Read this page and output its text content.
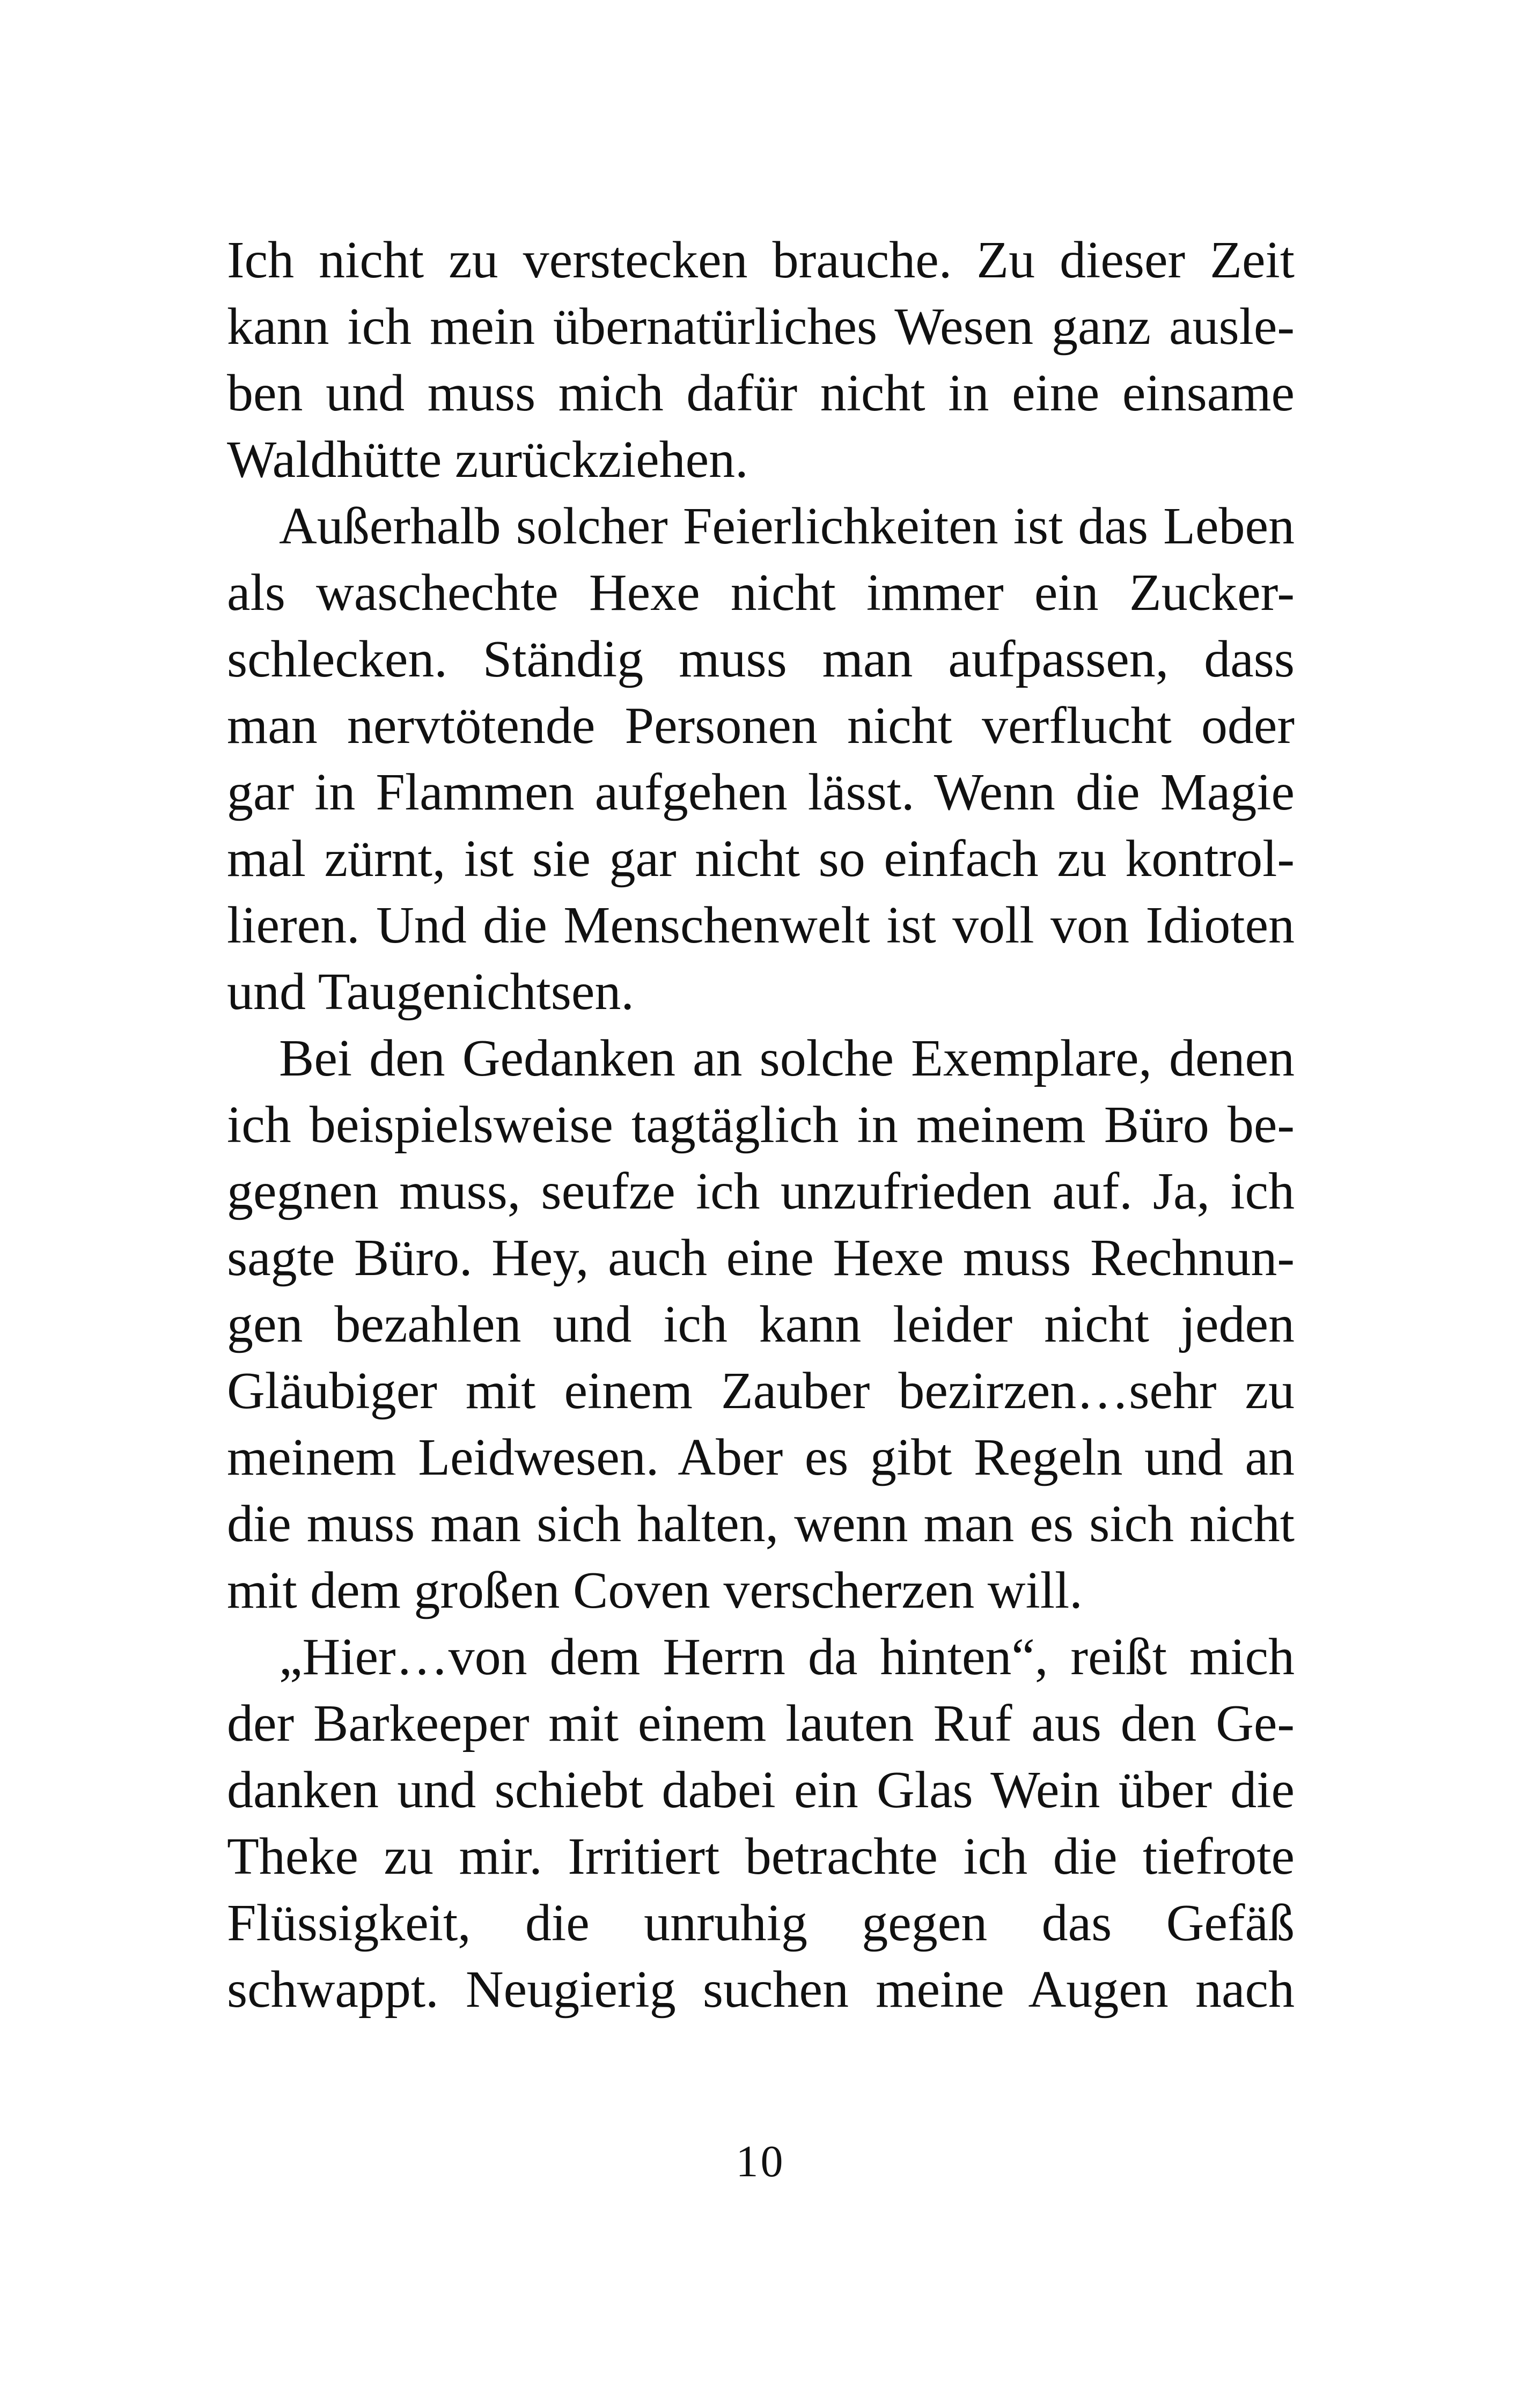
Ich nicht zu verstecken brauche. Zu dieser Zeit
kann ich mein übernatürliches Wesen ganz ausle-
ben und muss mich dafür nicht in eine einsame
Waldhütte zurückziehen.
Außerhalb solcher Feierlichkeiten ist das Leben
als waschechte Hexe nicht immer ein Zucker-
schlecken. Ständig muss man aufpassen, dass
man nervtötende Personen nicht verflucht oder
gar in Flammen aufgehen lässt. Wenn die Magie
mal zürnt, ist sie gar nicht so einfach zu kontrol-
lieren. Und die Menschenwelt ist voll von Idioten
und Taugenichtsen.
Bei den Gedanken an solche Exemplare, denen
ich beispielsweise tagtäglich in meinem Büro be-
gegnen muss, seufze ich unzufrieden auf. Ja, ich
sagte Büro. Hey, auch eine Hexe muss Rechnun-
gen bezahlen und ich kann leider nicht jeden
Gläubiger mit einem Zauber bezirzen…sehr zu
meinem Leidwesen. Aber es gibt Regeln und an
die muss man sich halten, wenn man es sich nicht
mit dem großen Coven verscherzen will.
„Hier…von dem Herrn da hinten“, reißt mich
der Barkeeper mit einem lauten Ruf aus den Ge-
danken und schiebt dabei ein Glas Wein über die
Theke zu mir. Irritiert betrachte ich die tiefrote
Flüssigkeit, die unruhig gegen das Gefäß
schwappt. Neugierig suchen meine Augen nach
10
